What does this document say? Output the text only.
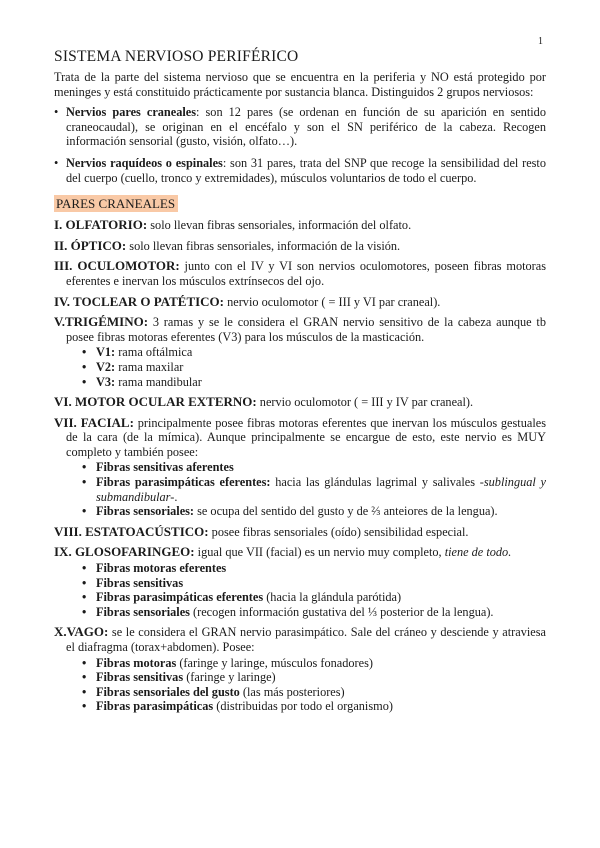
1
SISTEMA NERVIOSO PERIFÉRICO

Trata de la parte del sistema nervioso que se encuentra en la periferia y NO está protegido por meninges y está constituido prácticamente por sustancia blanca. Distinguidos 2 grupos nerviosos:

• Nervios pares craneales: son 12 pares (se ordenan en función de su aparición en sentido craneocaudal), se originan en el encéfalo y son el SN periférico de la cabeza. Recogen información sensorial (gusto, visión, olfato…).
• Nervios raquídeos o espinales: son 31 pares, trata del SNP que recoge la sensibilidad del resto del cuerpo (cuello, tronco y extremidades), músculos voluntarios de todo el cuerpo.
PARES CRANEALES

I. OLFATORIO: solo llevan fibras sensoriales, información del olfato.

II. ÓPTICO: solo llevan fibras sensoriales, información de la visión.

III. OCULOMOTOR: junto con el IV y VI son nervios oculomotores, poseen fibras motoras eferentes e inervan los músculos extrínsecos del ojo.

IV. TOCLEAR O PATÉTICO: nervio oculomotor ( = III y VI par craneal).

V.TRIGÉMINO: 3 ramas y se le considera el GRAN nervio sensitivo de la cabeza aunque tb posee fibras motoras eferentes (V3) para los músculos de la masticación.

• V1: rama oftálmica
• V2: rama maxilar
• V3: rama mandibular

VI. MOTOR OCULAR EXTERNO: nervio oculomotor ( = III y IV par craneal).

VII. FACIAL: principalmente posee fibras motoras eferentes que inervan los músculos gestuales de la cara (de la mímica). Aunque principalmente se encargue de esto, este nervio es MUY completo y también posee:

• Fibras sensitivas aferentes
• Fibras parasimpáticas eferentes: hacia las glándulas lagrimal y salivales -sublingual y submandibular-.
• Fibras sensoriales: se ocupa del sentido del gusto y de ⅔ anteiores de la lengua).

VIII. ESTATOACÚSTICO: posee fibras sensoriales (oído) sensibilidad especial.

IX. GLOSOFARINGEO: igual que VII (facial) es un nervio muy completo, tiene de todo.

• Fibras motoras eferentes
• Fibras sensitivas
• Fibras parasimpáticas eferentes (hacia la glándula parótida)
• Fibras sensoriales (recogen información gustativa del ⅓ posterior de la lengua).

X.VAGO: se le considera el GRAN nervio parasimpático. Sale del cráneo y desciende y atraviesa el diafragma (torax+abdomen). Posee:

• Fibras motoras (faringe y laringe, músculos fonadores)
• Fibras sensitivas (faringe y laringe)
• Fibras sensoriales del gusto (las más posteriores)
• Fibras parasimpáticas (distribuidas por todo el organismo)
